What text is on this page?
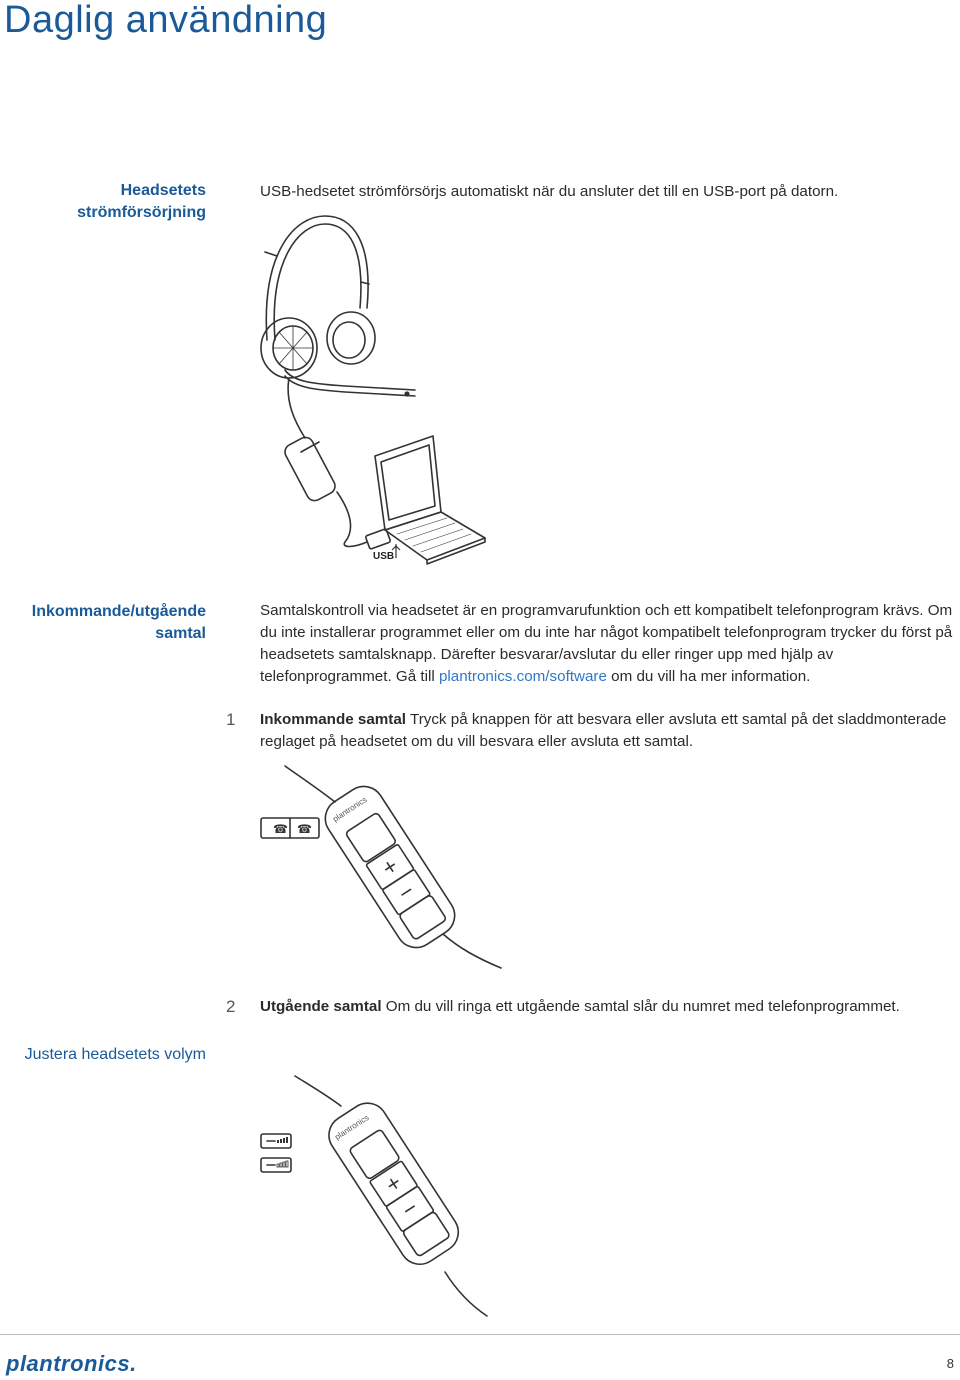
Daglig användning
Headsetets
strömförsörjning
USB-hedsetet strömförsörjs automatiskt när du ansluter det till en USB-port på datorn.
USB
Inkommande/utgående
samtal
Samtalskontroll via headsetet är en programvarufunktion och ett kompatibelt telefonprogram krävs. Om du inte installerar programmet eller om du inte har något kompatibelt telefonprogram trycker du först på headsetets samtalsknapp. Därefter besvarar/avslutar du eller ringer upp med hjälp av telefonprogrammet. Gå till plantronics.com/software om du vill ha mer information.
1 Inkommande samtal Tryck på knappen för att besvara eller avsluta ett samtal på det sladdmonterade reglaget på headsetet om du vill besvara eller avsluta ett samtal.
☎ ☎
plantronics
2 Utgående samtal Om du vill ringa ett utgående samtal slår du numret med telefonprogrammet.
Justera headsetets volym
plantronics
plantronics.	8
